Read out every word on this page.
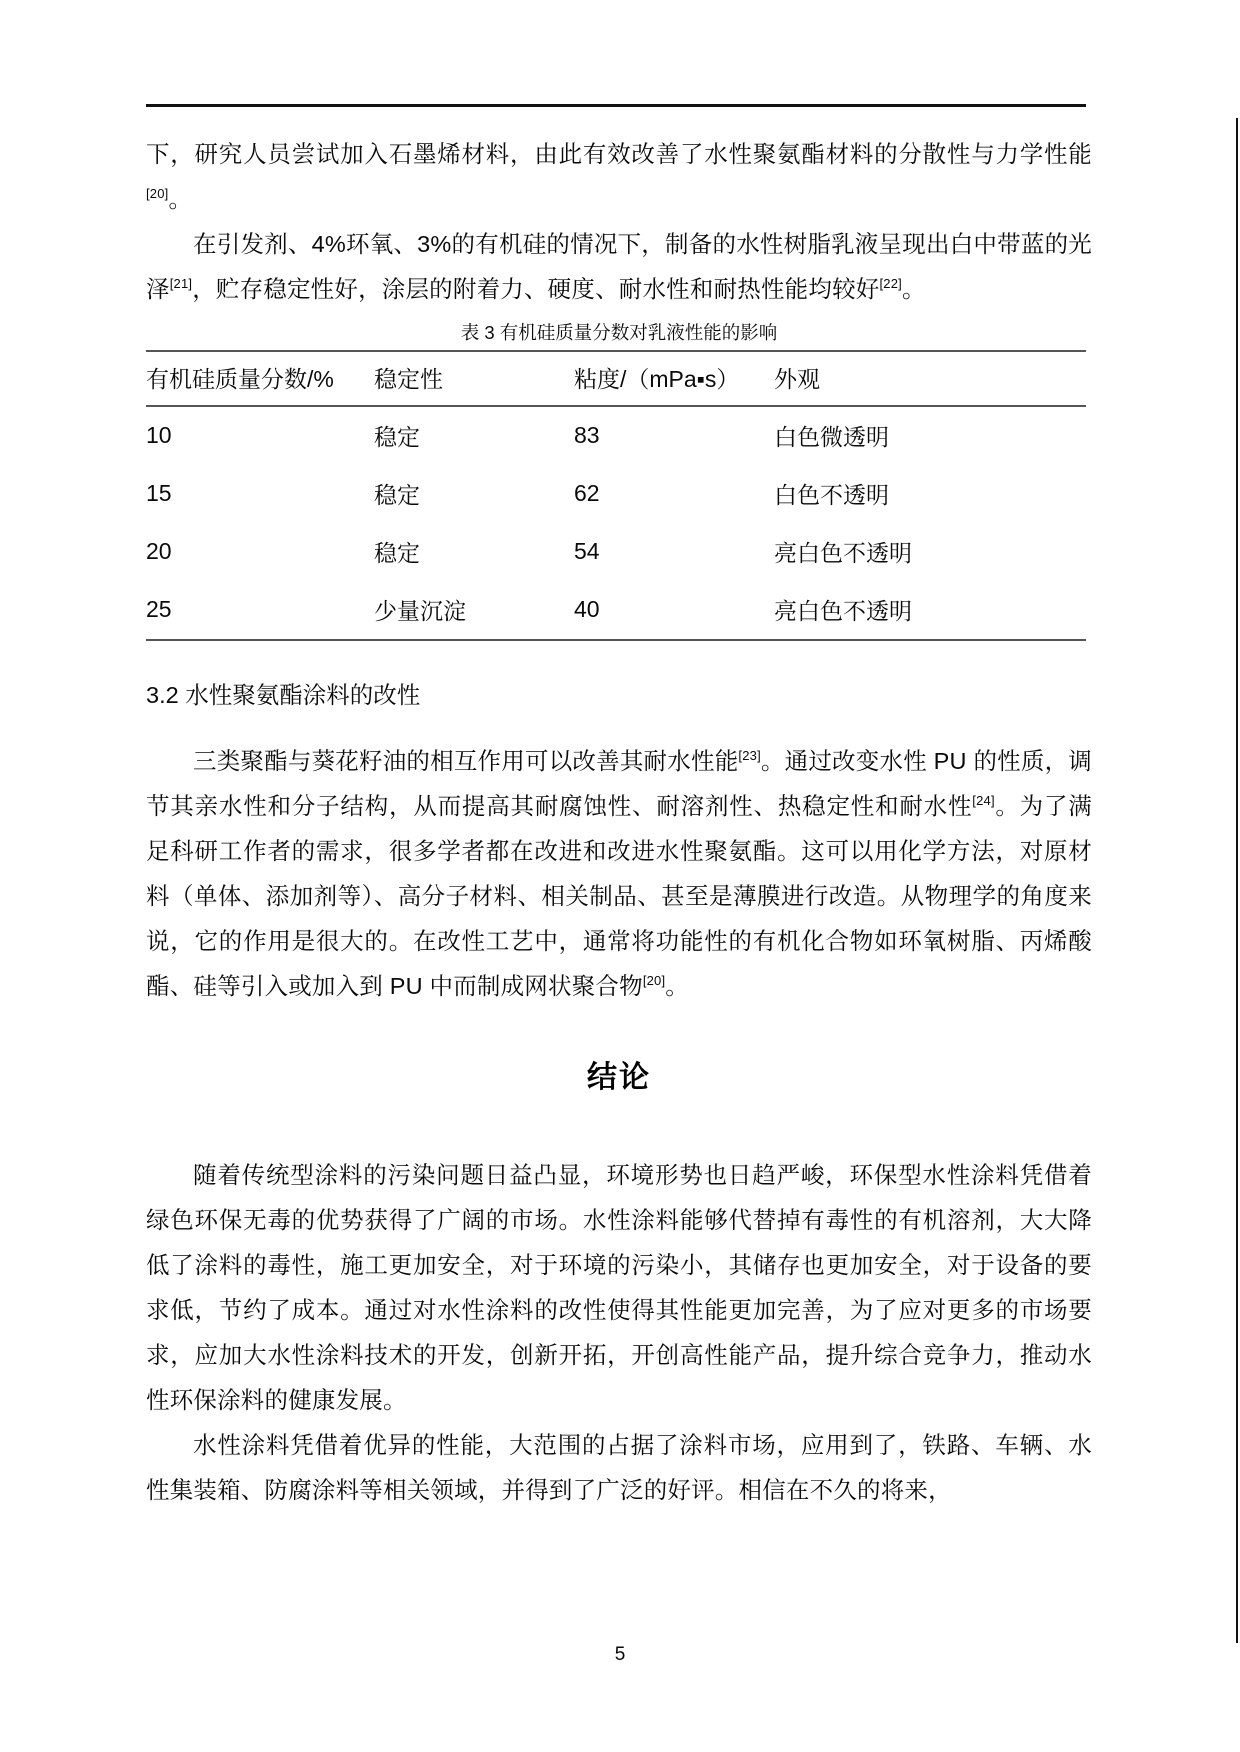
下，研究人员尝试加入石墨烯材料，由此有效改善了水性聚氨酯材料的分散性与力学性能[20]。

在引发剂、4%环氧、3%的有机硅的情况下，制备的水性树脂乳液呈现出白中带蓝的光泽[21]，贮存稳定性好，涂层的附着力、硬度、耐水性和耐热性能均较好[22]。

表 3 有机硅质量分数对乳液性能的影响
有机硅质量分数/%	稳定性	粘度/（mPa▪s）	外观
10	稳定	83	白色微透明
15	稳定	62	白色不透明
20	稳定	54	亮白色不透明
25	少量沉淀	40	亮白色不透明
3.2 水性聚氨酯涂料的改性

三类聚酯与葵花籽油的相互作用可以改善其耐水性能[23]。通过改变水性 PU 的性质，调节其亲水性和分子结构，从而提高其耐腐蚀性、耐溶剂性、热稳定性和耐水性[24]。为了满足科研工作者的需求，很多学者都在改进和改进水性聚氨酯。这可以用化学方法，对原材料（单体、添加剂等）、高分子材料、相关制品、甚至是薄膜进行改造。从物理学的角度来说，它的作用是很大的。在改性工艺中，通常将功能性的有机化合物如环氧树脂、丙烯酸酯、硅等引入或加入到 PU 中而制成网状聚合物[20]。

结论

随着传统型涂料的污染问题日益凸显，环境形势也日趋严峻，环保型水性涂料凭借着绿色环保无毒的优势获得了广阔的市场。水性涂料能够代替掉有毒性的有机溶剂，大大降低了涂料的毒性，施工更加安全，对于环境的污染小，其储存也更加安全，对于设备的要求低，节约了成本。通过对水性涂料的改性使得其性能更加完善，为了应对更多的市场要求，应加大水性涂料技术的开发，创新开拓，开创高性能产品，提升综合竞争力，推动水性环保涂料的健康发展。

水性涂料凭借着优异的性能，大范围的占据了涂料市场，应用到了，铁路、车辆、水性集装箱、防腐涂料等相关领域，并得到了广泛的好评。相信在不久的将来，

5
